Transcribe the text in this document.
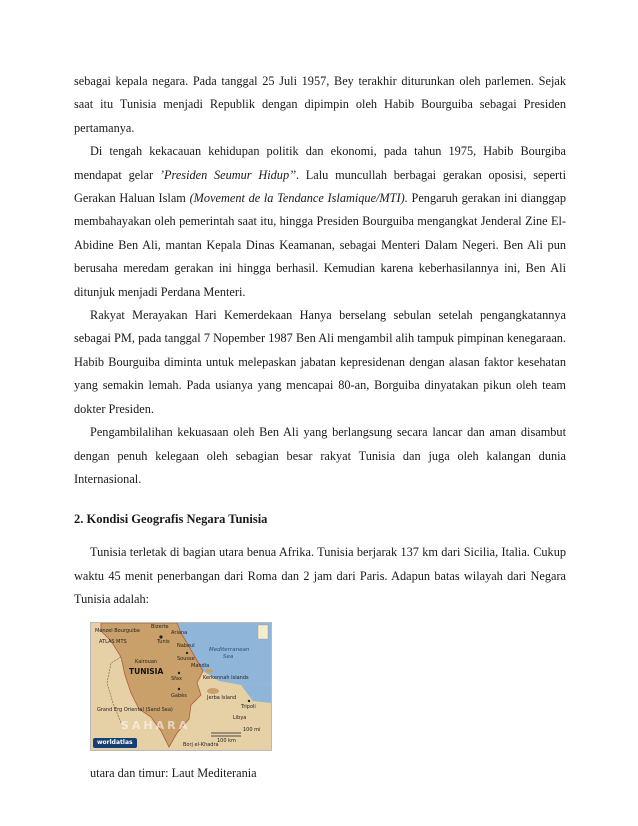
sebagai kepala negara. Pada tanggal 25 Juli 1957, Bey terakhir diturunkan oleh parlemen. Sejak saat itu Tunisia menjadi Republik dengan dipimpin oleh Habib Bourguiba sebagai Presiden pertamanya.

Di tengah kekacauan kehidupan politik dan ekonomi, pada tahun 1975, Habib Bourgiba mendapat gelar ’Presiden Seumur Hidup’’. Lalu muncullah berbagai gerakan oposisi, seperti Gerakan Haluan Islam (Movement de la Tendance Islamique/MTI). Pengaruh gerakan ini dianggap membahayakan oleh pemerintah saat itu, hingga Presiden Bourguiba mengangkat Jenderal Zine El-Abidine Ben Ali, mantan Kepala Dinas Keamanan, sebagai Menteri Dalam Negeri. Ben Ali pun berusaha meredam gerakan ini hingga berhasil. Kemudian karena keberhasilannya ini, Ben Ali ditunjuk menjadi Perdana Menteri.

Rakyat Merayakan Hari Kemerdekaan Hanya berselang sebulan setelah pengangkatannya sebagai PM, pada tanggal 7 Nopember 1987 Ben Ali mengambil alih tampuk pimpinan kenegaraan. Habib Bourguiba diminta untuk melepaskan jabatan kepresidenan dengan alasan faktor kesehatan yang semakin lemah. Pada usianya yang mencapai 80-an, Borguiba dinyatakan pikun oleh team dokter Presiden.

Pengambilalihan kekuasaan oleh Ben Ali yang berlangsung secara lancar dan aman disambut dengan penuh kelegaan oleh sebagian besar rakyat Tunisia dan juga oleh kalangan dunia Internasional.

2. Kondisi Geografis Negara Tunisia

Tunisia terletak di bagian utara benua Afrika. Tunisia berjarak 137 km dari Sicilia, Italia. Cukup waktu 45 menit penerbangan dari Roma dan 2 jam dari Paris. Adapun batas wilayah dari Negara Tunisia adalah:

Bizerte
Ariana
Menzel Bourguiba
Tunis
ATLAS MTS
Nabeul
Mediterranean
Sea
Sousse
Kairouan
Mahdia
TUNISIA
Sfax	Kerkennah Islands
Gabès	Jerba Island
Grand Erg Oriental (Sand Sea)	Tripoli
Libya
SAHARA	100 mi
100 km
Borj el-Khadra
worldatlas

utara dan timur: Laut Mediterania
